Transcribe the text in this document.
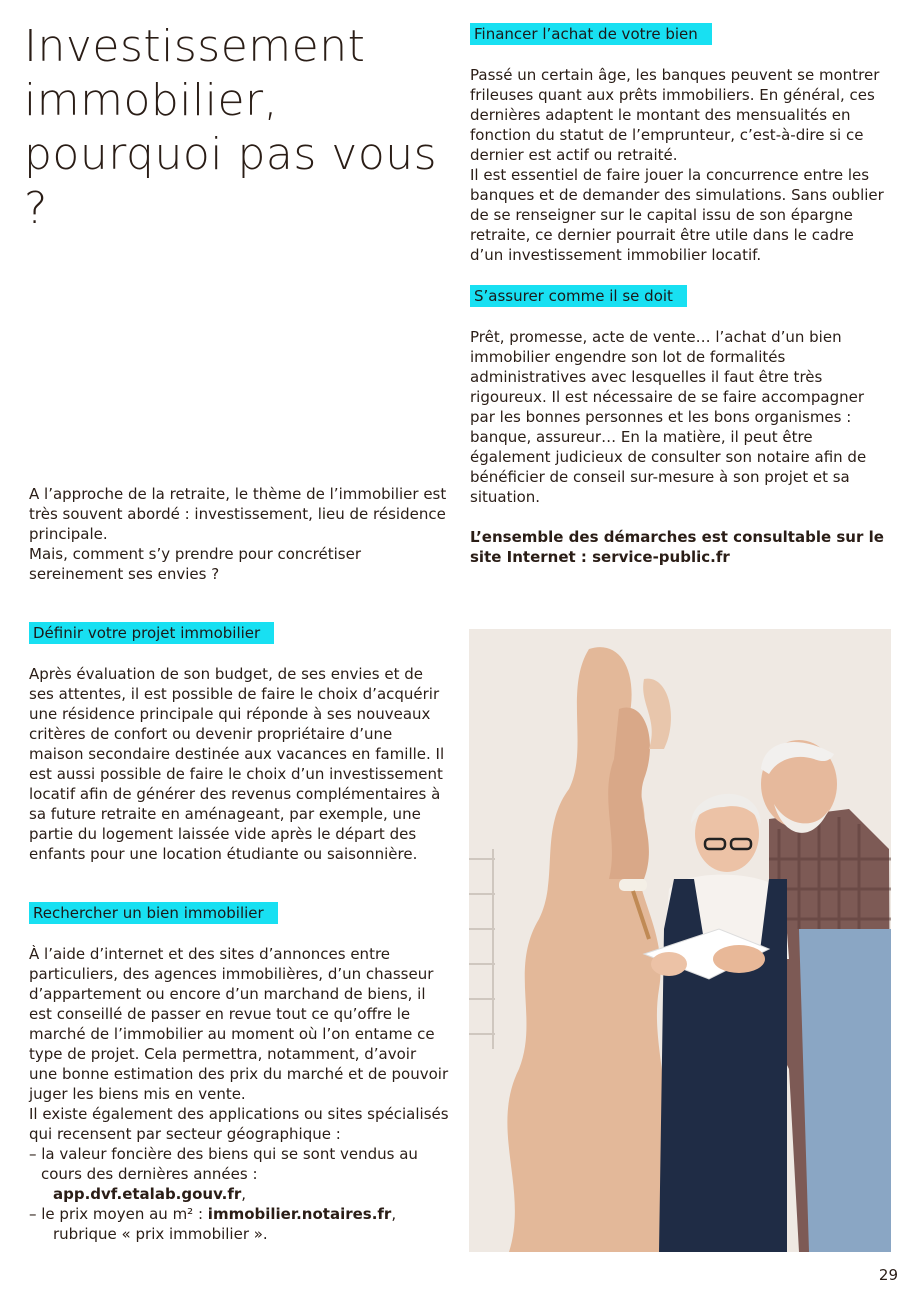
Investissement immobilier, pourquoi pas vous ?

A l’approche de la retraite, le thème de l’immobilier est très souvent abordé : investissement, lieu de résidence principale.

Mais, comment s’y prendre pour concrétiser sereinement ses envies ?

Définir votre projet immobilier

Après évaluation de son budget, de ses envies et de ses attentes, il est possible de faire le choix d’acquérir une résidence principale qui réponde à ses nouveaux critères de confort ou devenir propriétaire d’une maison secondaire destinée aux vacances en famille. Il est aussi possible de faire le choix d’un investissement locatif afin de générer des revenus complémentaires à sa future retraite en aménageant, par exemple, une partie du logement laissée vide après le départ des enfants pour une location étudiante ou saisonnière.

Rechercher un bien immobilier

À l’aide d’internet et des sites d’annonces entre particuliers, des agences immobilières, d’un chasseur d’appartement ou encore d’un marchand de biens, il est conseillé de passer en revue tout ce qu’offre le marché de l’immobilier au moment où l’on entame ce type de projet. Cela permettra, notamment, d’avoir une bonne estimation des prix du marché et de pouvoir juger les biens mis en vente.

Il existe également des applications ou sites spécialisés qui recensent par secteur géographique :

– la valeur foncière des biens qui se sont vendus au cours des dernières années :
app.dvf.etalab.gouv.fr,

– le prix moyen au m² : immobilier.notaires.fr,
rubrique « prix immobilier ».

Financer l’achat de votre bien

Passé un certain âge, les banques peuvent se montrer frileuses quant aux prêts immobiliers. En général, ces dernières adaptent le montant des mensualités en fonction du statut de l’emprunteur, c’est-à-dire si ce dernier est actif ou retraité.

Il est essentiel de faire jouer la concurrence entre les banques et de demander des simulations. Sans oublier de se renseigner sur le capital issu de son épargne retraite, ce dernier pourrait être utile dans le cadre d’un investissement immobilier locatif.

S’assurer comme il se doit

Prêt, promesse, acte de vente… l’achat d’un bien immobilier engendre son lot de formalités administratives avec lesquelles il faut être très rigoureux. Il est nécessaire de se faire accompagner par les bonnes personnes et les bons organismes : banque, assureur… En la matière, il peut être également judicieux de consulter son notaire afin de bénéficier de conseil sur-mesure à son projet et sa situation.

L’ensemble des démarches est consultable sur le site Internet : service-public.fr

29
